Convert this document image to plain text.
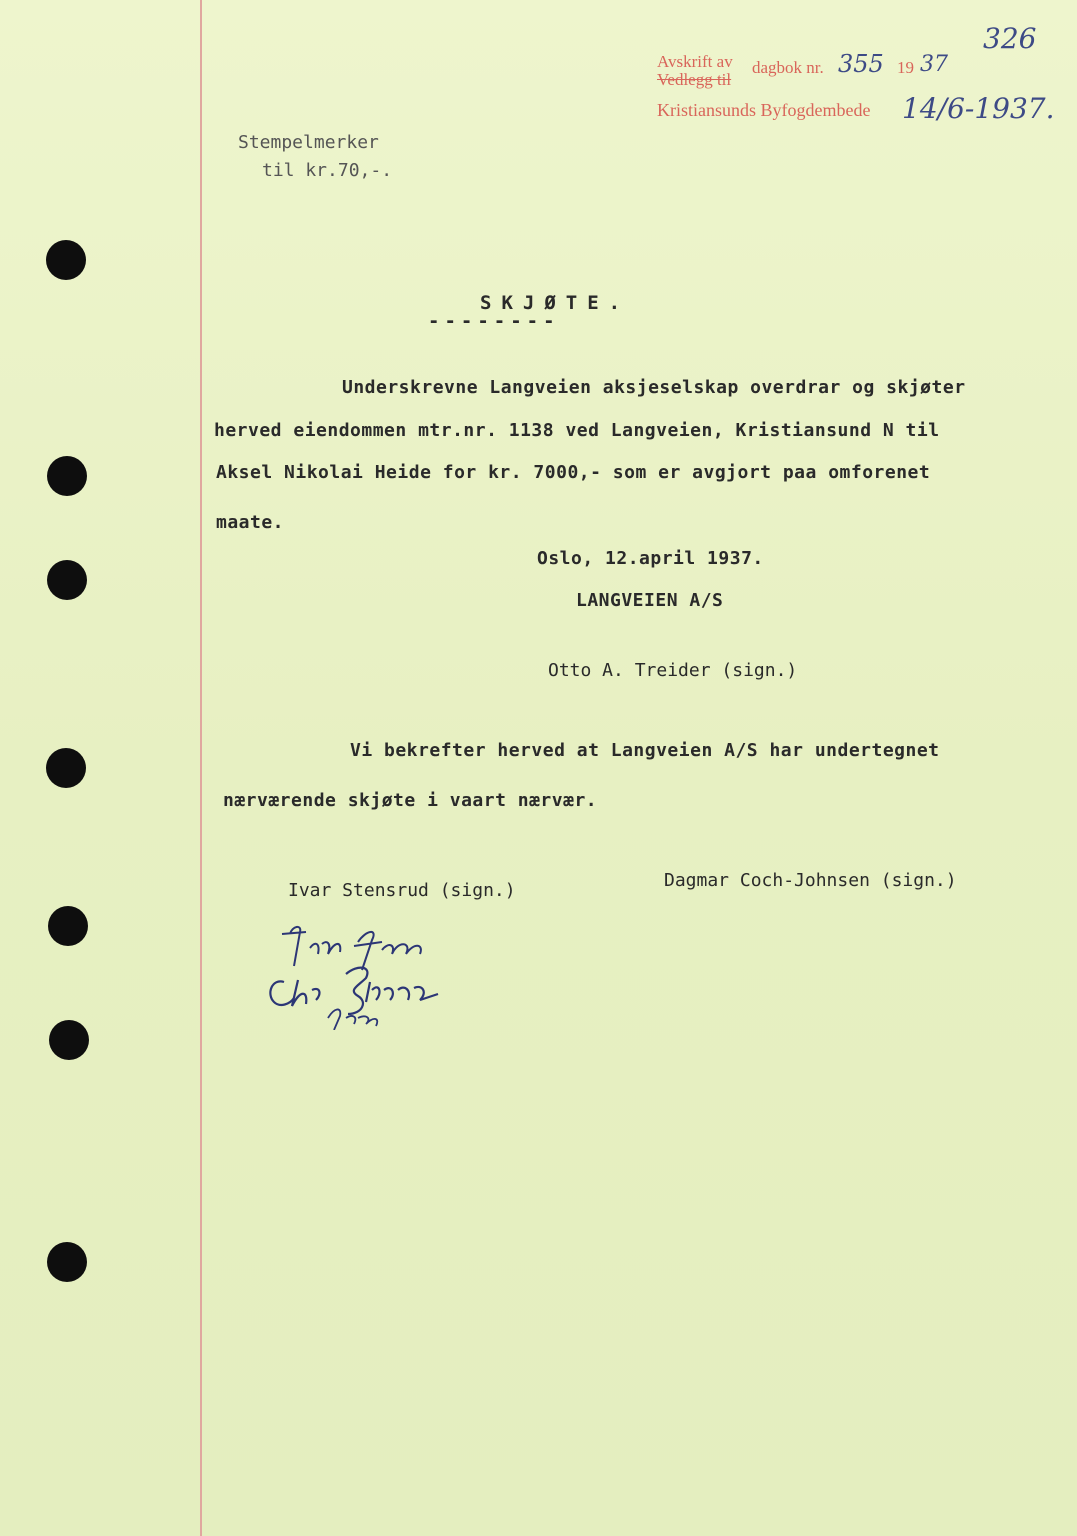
Avskrift av
Vedlegg til
dagbok nr. 355 19 37
Kristiansunds Byfogdembede 14/6-1937.
326
Stempelmerker
til kr.70,-.
SKJØTE.
--------
Underskrevne Langveien aksjeselskap overdrar og skjøter
herved eiendommen mtr.nr. 1138 ved Langveien, Kristiansund N til
Aksel Nikolai Heide for kr. 7000,- som er avgjort paa omforenet
maate.
Oslo, 12.april 1937.
LANGVEIEN A/S
Otto A. Treider (sign.)
Vi bekrefter herved at Langveien A/S har undertegnet
nærværende skjøte i vaart nærvær.
Ivar Stensrud (sign.)	Dagmar Coch-Johnsen (sign.)
